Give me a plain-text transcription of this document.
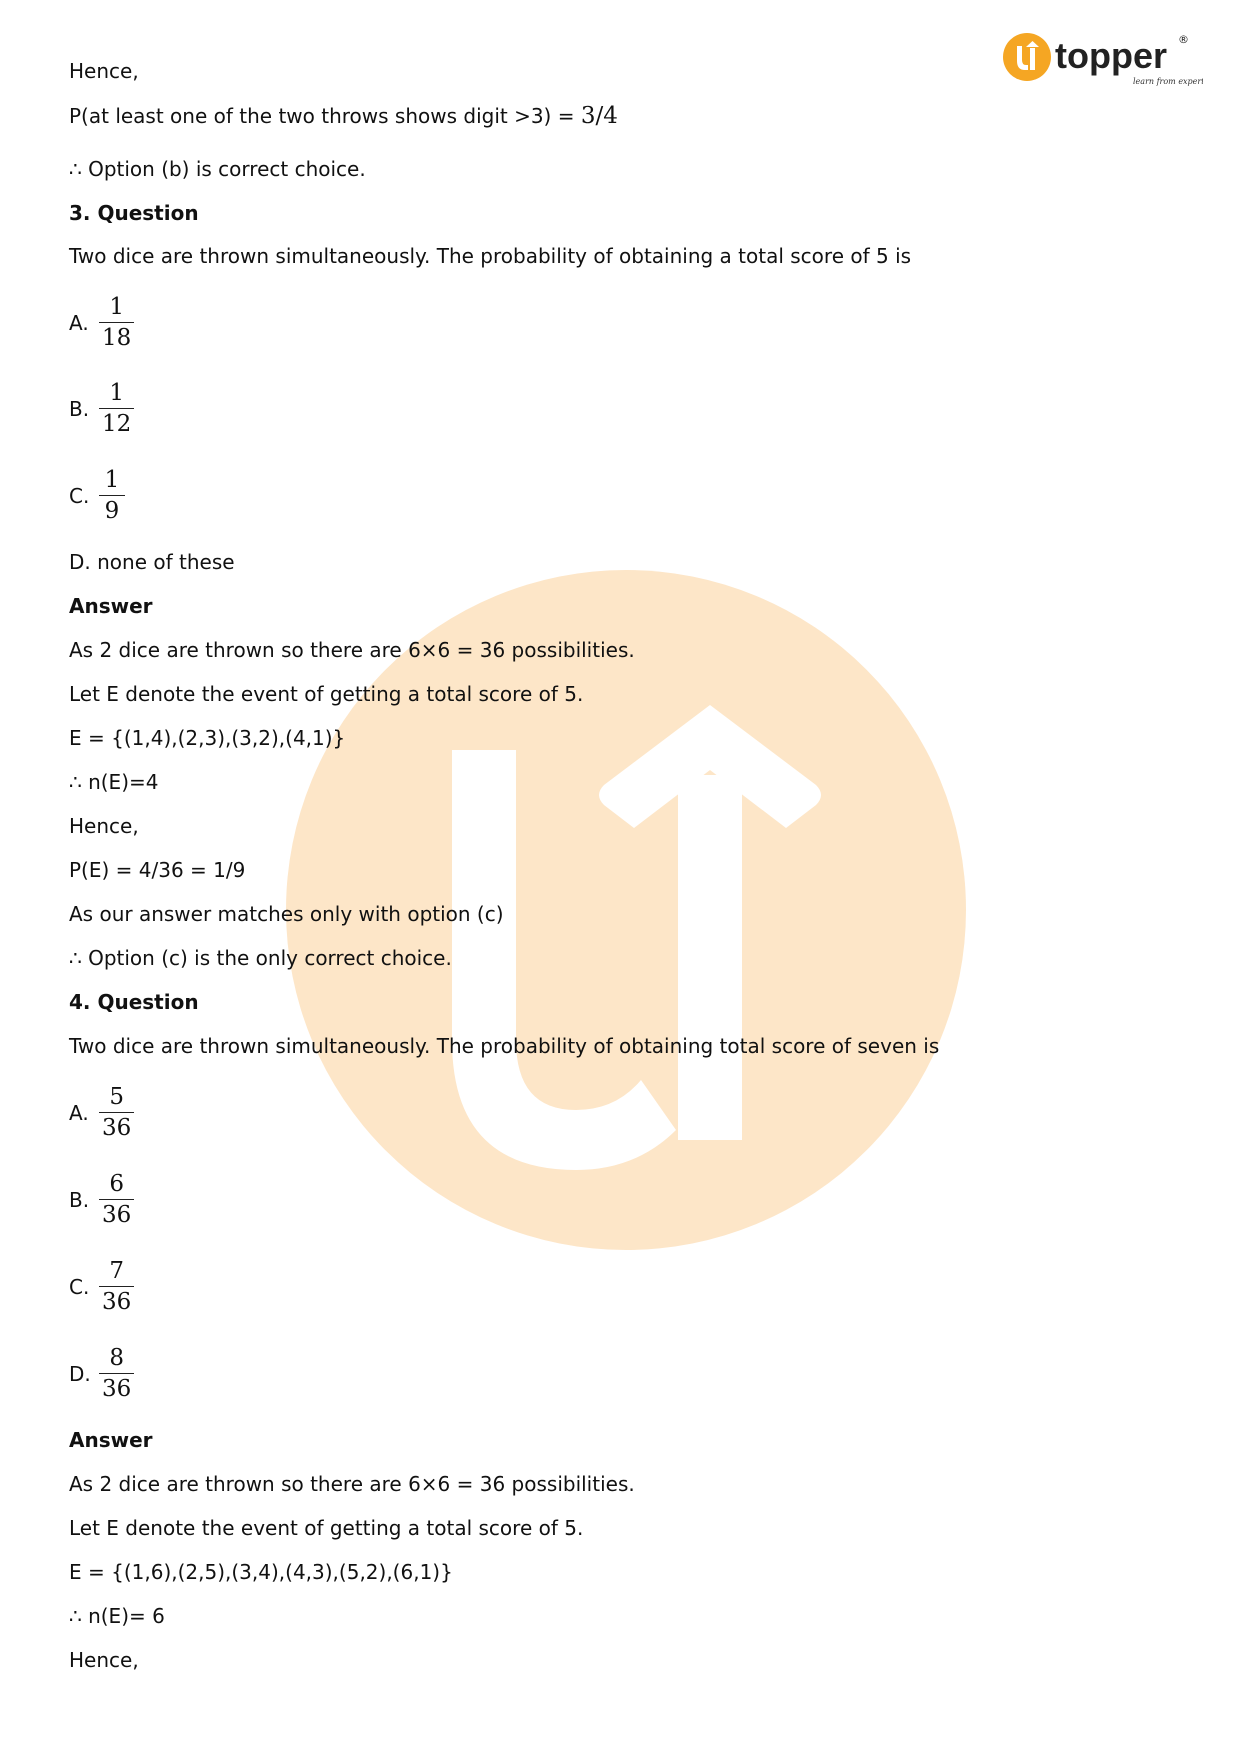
topper ®
learn from experts
Hence,
P(at least one of the two throws shows digit >3) = 3/4
∴ Option (b) is correct choice.
3. Question
Two dice are thrown simultaneously. The probability of obtaining a total score of 5 is
A. $\frac{1}{18}$
B. $\frac{1}{12}$
C. $\frac{1}{9}$
D. none of these
Answer
As 2 dice are thrown so there are 6×6 = 36 possibilities.
Let E denote the event of getting a total score of 5.
E = {(1,4),(2,3),(3,2),(4,1)}
∴ n(E)=4
Hence,
P(E) = 4/36 = 1/9
As our answer matches only with option (c)
∴ Option (c) is the only correct choice.
4. Question
Two dice are thrown simultaneously. The probability of obtaining total score of seven is
A. $\frac{5}{36}$
B. $\frac{6}{36}$
C. $\frac{7}{36}$
D. $\frac{8}{36}$
Answer
As 2 dice are thrown so there are 6×6 = 36 possibilities.
Let E denote the event of getting a total score of 5.
E = {(1,6),(2,5),(3,4),(4,3),(5,2),(6,1)}
∴ n(E)= 6
Hence,
